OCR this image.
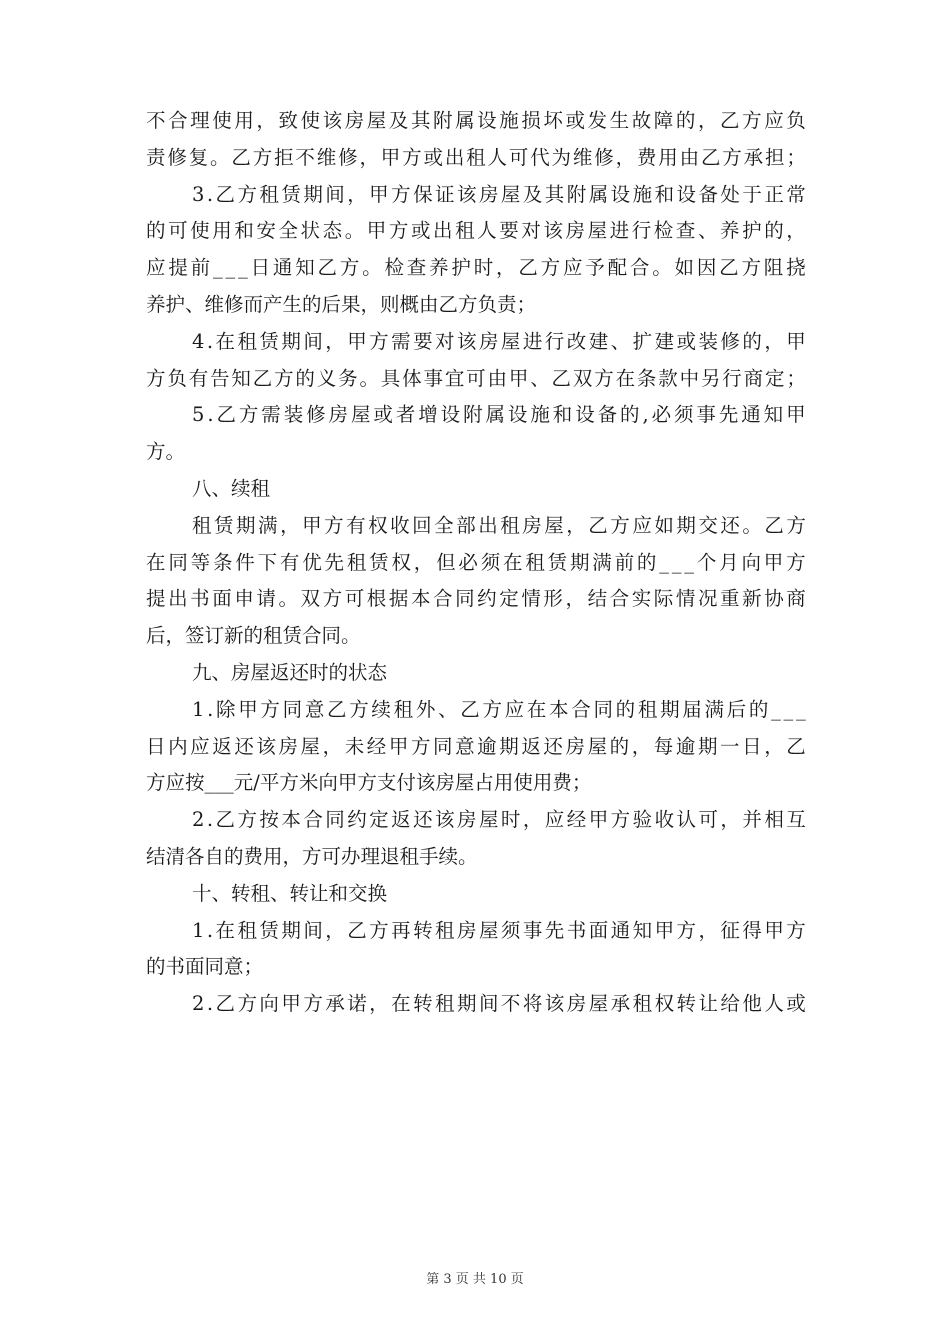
不 合 理 使 用 ， 致 使 该 房 屋 及 其 附 属 设 施 损 坏 或 发 生 故 障 的 ， 乙 方 应 负
责 修 复 。 乙 方 拒 不 维 修 ， 甲 方 或 出 租 人 可 代 为 维 修 ， 费 用 由 乙 方 承 担 ；
3 . 乙 方 租 赁 期 间 ， 甲 方 保 证 该 房 屋 及 其 附 属 设 施 和 设 备 处 于 正 常
的 可 使 用 和 安 全 状 态 。 甲 方 或 出 租 人 要 对 该 房 屋 进 行 检 查 、 养 护 的 ，
应 提 前 _ _ _ 日 通 知 乙 方 。 检 查 养 护 时 ， 乙 方 应 予 配 合 。 如 因 乙 方 阻 挠
养护、维修而产生的后果，则概由乙方负责；
4 . 在 租 赁 期 间 ， 甲 方 需 要 对 该 房 屋 进 行 改 建 、 扩 建 或 装 修 的 ， 甲
方 负 有 告 知 乙 方 的 义 务 。 具 体 事 宜 可 由 甲 、 乙 双 方 在 条 款 中 另 行 商 定 ；
5 . 乙 方 需 装 修 房 屋 或 者 增 设 附 属 设 施 和 设 备 的 , 必 须 事 先 通 知 甲
方。
八、续租
租 赁 期 满 ， 甲 方 有 权 收 回 全 部 出 租 房 屋 ， 乙 方 应 如 期 交 还 。 乙 方
在 同 等 条 件 下 有 优 先 租 赁 权 ， 但 必 须 在 租 赁 期 满 前 的 _ _ _ 个 月 向 甲 方
提 出 书 面 申 请 。 双 方 可 根 据 本 合 同 约 定 情 形 ， 结 合 实 际 情 况 重 新 协 商
后，签订新的租赁合同。
九、房屋返还时的状态
1 . 除 甲 方 同 意 乙 方 续 租 外 、 乙 方 应 在 本 合 同 的 租 期 届 满 后 的 _ _ _
日 内 应 返 还 该 房 屋 ， 未 经 甲 方 同 意 逾 期 返 还 房 屋 的 ， 每 逾 期 一 日 ， 乙
方应按___元/平方米向甲方支付该房屋占用使用费；
2 . 乙 方 按 本 合 同 约 定 返 还 该 房 屋 时 ， 应 经 甲 方 验 收 认 可 ， 并 相 互
结清各自的费用，方可办理退租手续。
十、转租、转让和交换
1 . 在 租 赁 期 间 ， 乙 方 再 转 租 房 屋 须 事 先 书 面 通 知 甲 方 ， 征 得 甲 方
的书面同意；
2 . 乙 方 向 甲 方 承 诺 ， 在 转 租 期 间 不 将 该 房 屋 承 租 权 转 让 给 他 人 或
第 3 页 共 10 页
